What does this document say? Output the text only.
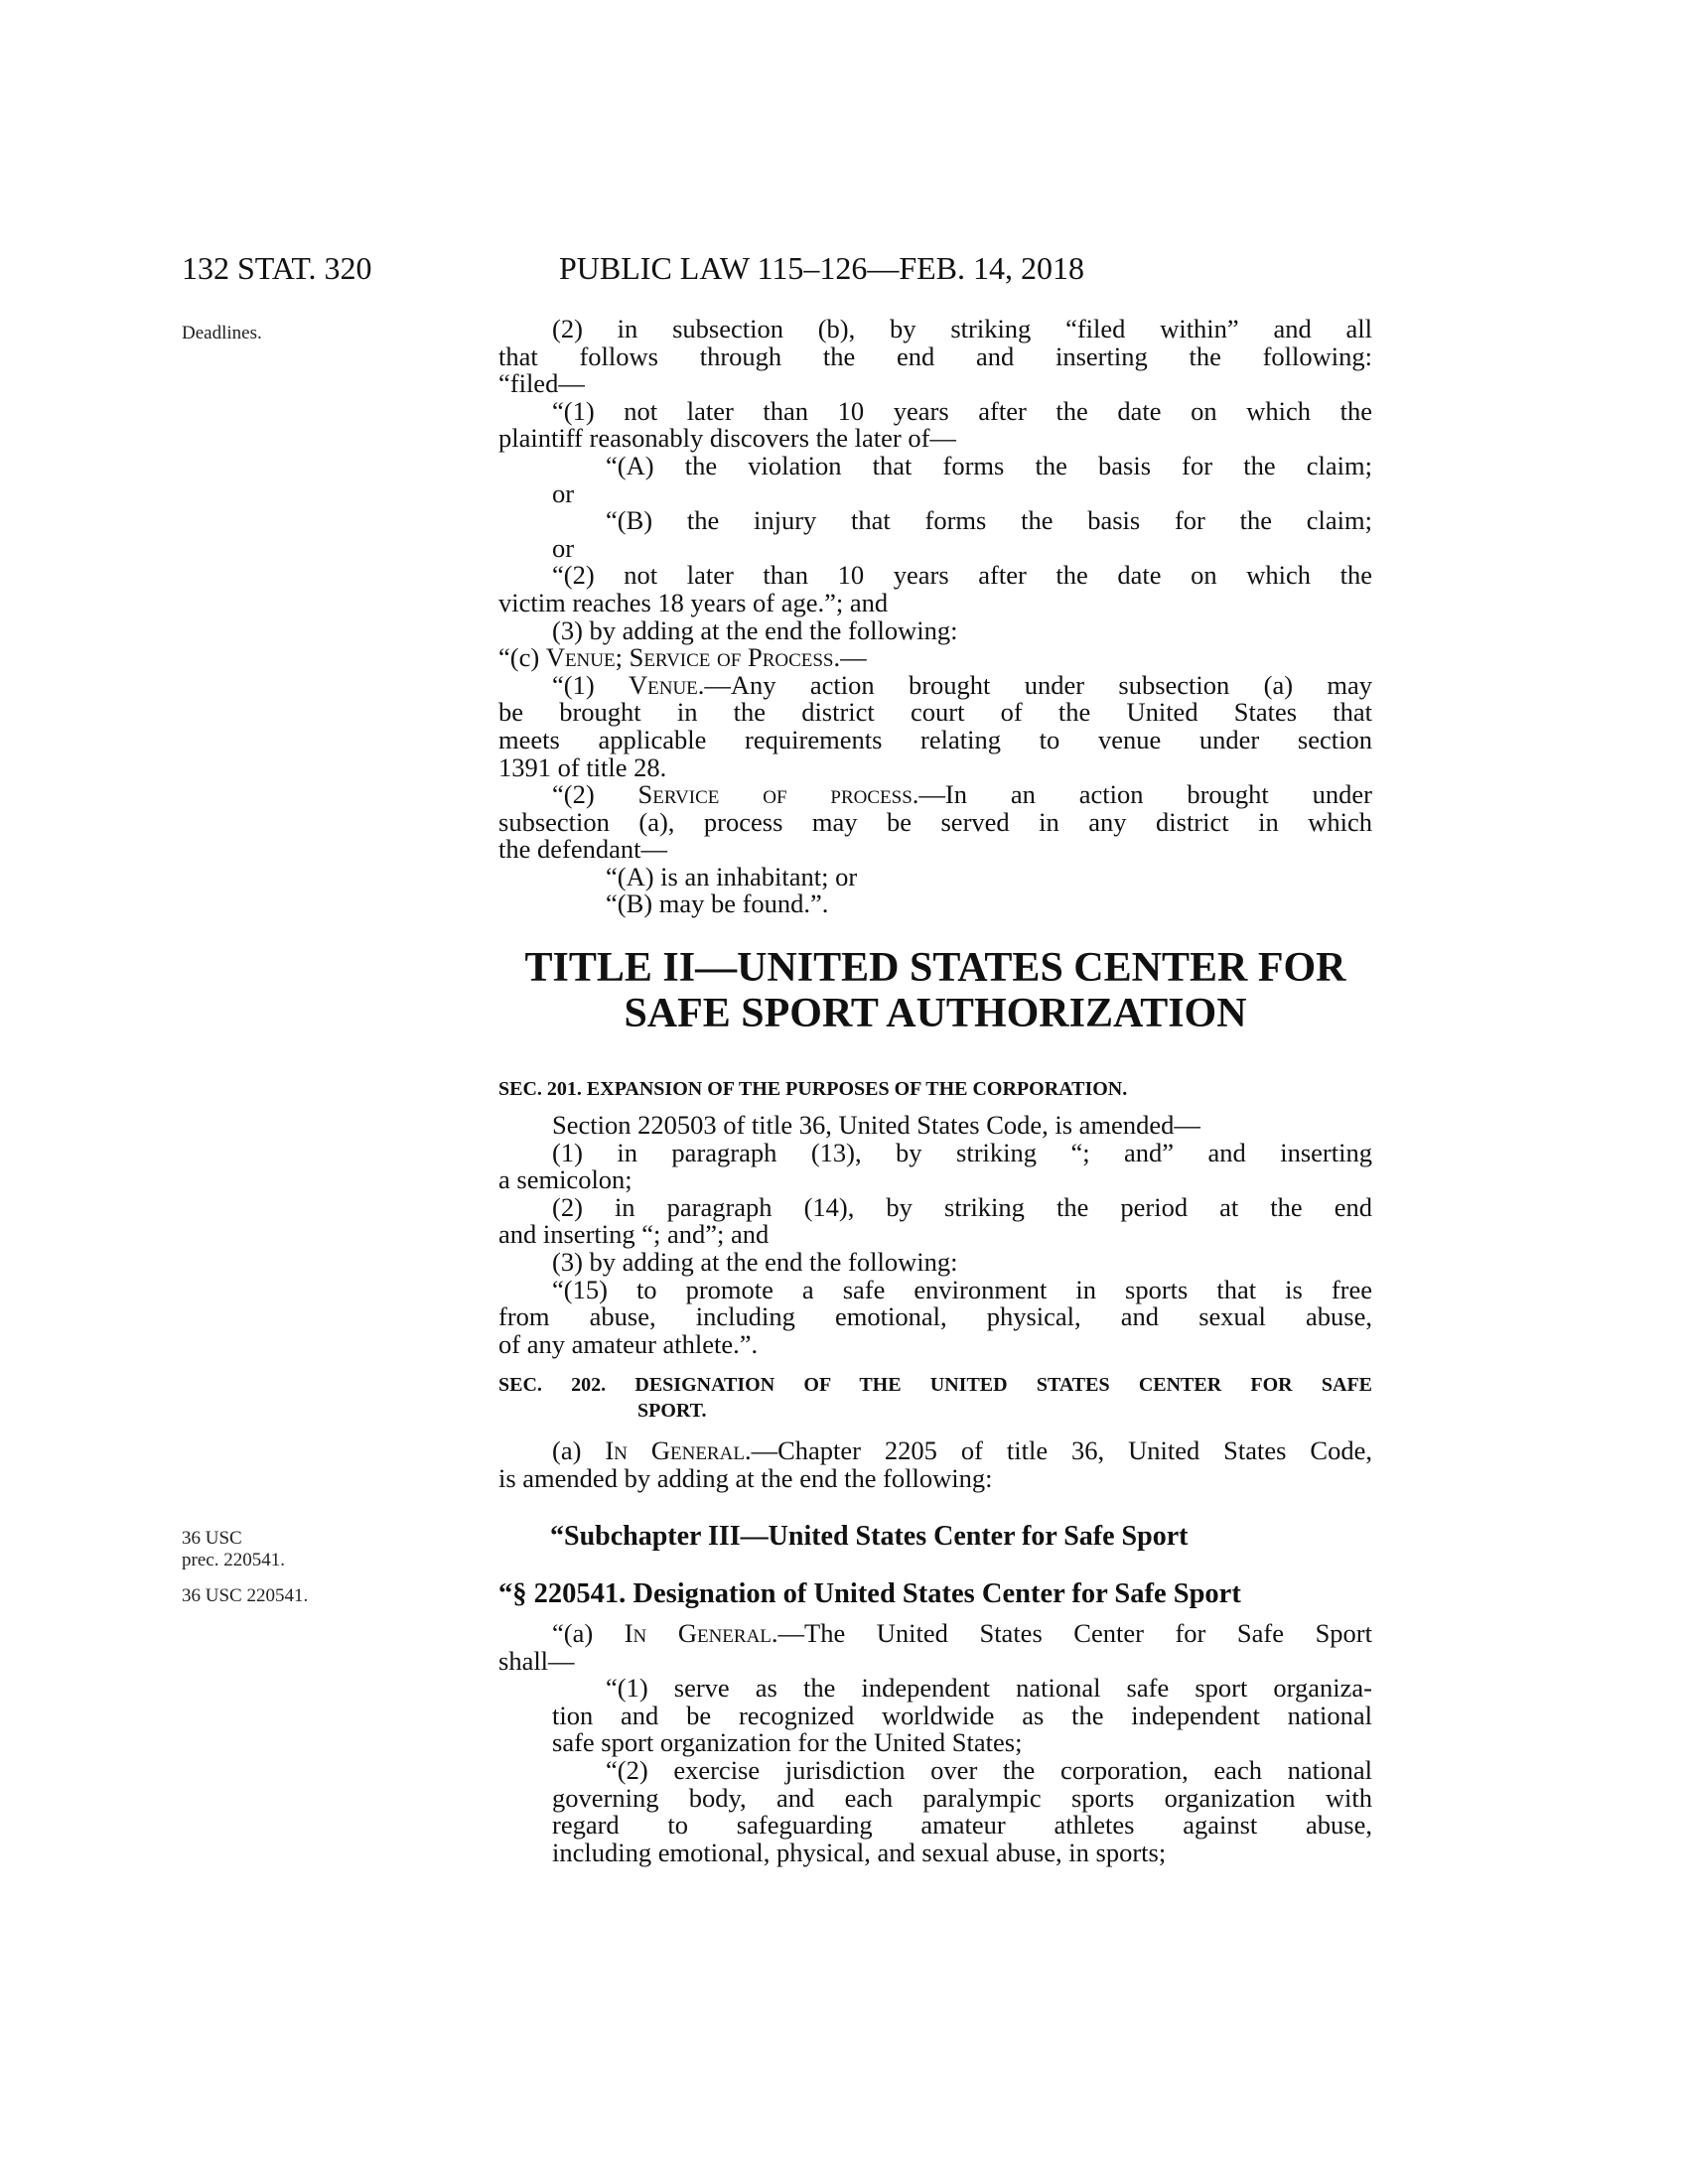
132 STAT. 320	PUBLIC LAW 115–126—FEB. 14, 2018
Deadlines.
36 USC
prec. 220541.
36 USC 220541.

(2) in subsection (b), by striking “filed within” and all

that follows through the end and inserting the following:

“filed—

“(1) not later than 10 years after the date on which the

plaintiff reasonably discovers the later of—

“(A) the violation that forms the basis for the claim;

or

“(B) the injury that forms the basis for the claim;

or

“(2) not later than 10 years after the date on which the

victim reaches 18 years of age.”; and

(3) by adding at the end the following:

“(c) Venue; Service of Process.—

“(1) Venue.—Any action brought under subsection (a) may

be brought in the district court of the United States that

meets applicable requirements relating to venue under section

1391 of title 28.

“(2) Service of process.—In an action brought under

subsection (a), process may be served in any district in which

the defendant—

“(A) is an inhabitant; or

“(B) may be found.”.

TITLE II—UNITED STATES CENTER FOR
SAFE SPORT AUTHORIZATION
SEC. 201. EXPANSION OF THE PURPOSES OF THE CORPORATION.

Section 220503 of title 36, United States Code, is amended—

(1) in paragraph (13), by striking “; and” and inserting

a semicolon;

(2) in paragraph (14), by striking the period at the end

and inserting “; and”; and

(3) by adding at the end the following:

“(15) to promote a safe environment in sports that is free

from abuse, including emotional, physical, and sexual abuse,

of any amateur athlete.”.

SEC. 202. DESIGNATION OF THE UNITED STATES CENTER FOR SAFE
SPORT.

(a) In General.—Chapter 2205 of title 36, United States Code,

is amended by adding at the end the following:

“Subchapter III—United States Center for Safe Sport
“§ 220541. Designation of United States Center for Safe Sport

“(a) In General.—The United States Center for Safe Sport

shall—

“(1) serve as the independent national safe sport organiza-

tion and be recognized worldwide as the independent national

safe sport organization for the United States;

“(2) exercise jurisdiction over the corporation, each national

governing body, and each paralympic sports organization with

regard to safeguarding amateur athletes against abuse,

including emotional, physical, and sexual abuse, in sports;
